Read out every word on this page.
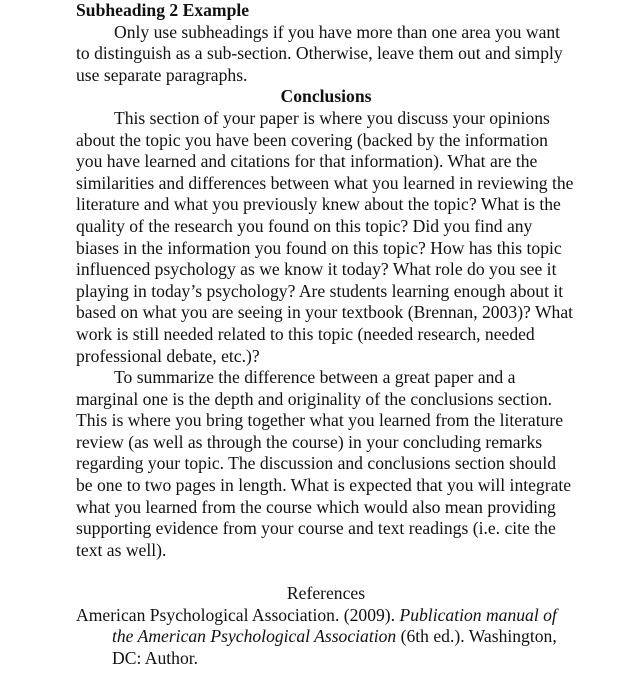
Subheading 2 Example

Only use subheadings if you have more than one area you want to distinguish as a sub-section. Otherwise, leave them out and simply use separate paragraphs.

Conclusions

This section of your paper is where you discuss your opinions about the topic you have been covering (backed by the information you have learned and citations for that information). What are the similarities and differences between what you learned in reviewing the literature and what you previously knew about the topic? What is the quality of the research you found on this topic? Did you find any biases in the information you found on this topic? How has this topic influenced psychology as we know it today? What role do you see it playing in today’s psychology? Are students learning enough about it based on what you are seeing in your textbook (Brennan, 2003)? What work is still needed related to this topic (needed research, needed professional debate, etc.)?

To summarize the difference between a great paper and a marginal one is the depth and originality of the conclusions section. This is where you bring together what you learned from the literature review (as well as through the course) in your concluding remarks regarding your topic. The discussion and conclusions section should be one to two pages in length. What is expected that you will integrate what you learned from the course which would also mean providing supporting evidence from your course and text readings (i.e. cite the text as well).

References

American Psychological Association. (2009). Publication manual of the American Psychological Association (6th ed.). Washington, DC: Author.
